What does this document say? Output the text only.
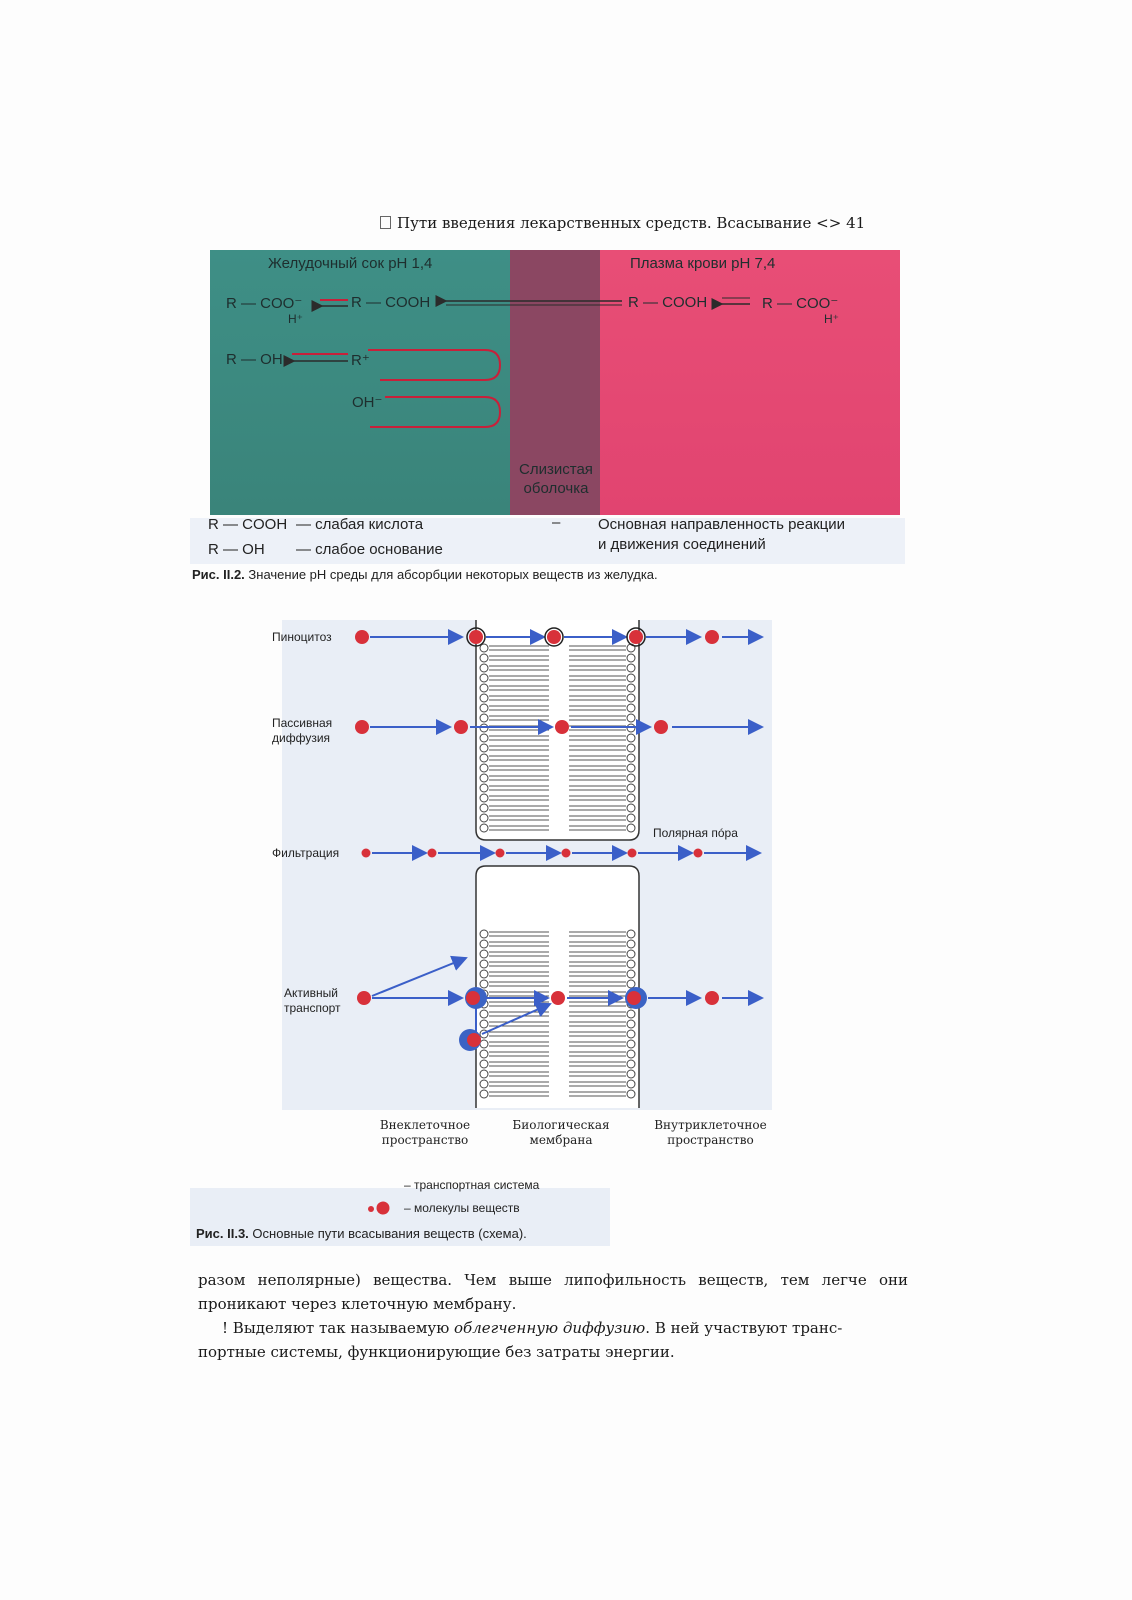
Пути введения лекарственных средств. Всасывание <> 41
Желудочный сок pH 1,4	Плазма крови pH 7,4
R — COO⁻
H⁺
R — COOH	R — COOH	R — COO⁻
H⁺
R — OH	R⁺
OH⁻
Слизистая
оболочка
R — COOH — слабая кислота
R — OH — слабое основание
–	Основная направленность реакции
и движения соединений
Рис. II.2. Значение pH среды для абсорбции некоторых веществ из желудка.
Пиноцитоз
Пассивная
диффузия
Полярная пóра
Фильтрация
Активный
транспорт
Внеклеточное
пространство
Биологическая
мембрана
Внутриклеточное
пространство
– транспортная система
– молекулы веществ
Рис. II.3. Основные пути всасывания веществ (схема).
разом неполярные) вещества. Чем выше липофильность веществ, тем легче они
проникают через клеточную мембрану.
! Выделяют так называемую облегченную диффузию. В ней участвуют транс-
портные системы, функционирующие без затраты энергии.
